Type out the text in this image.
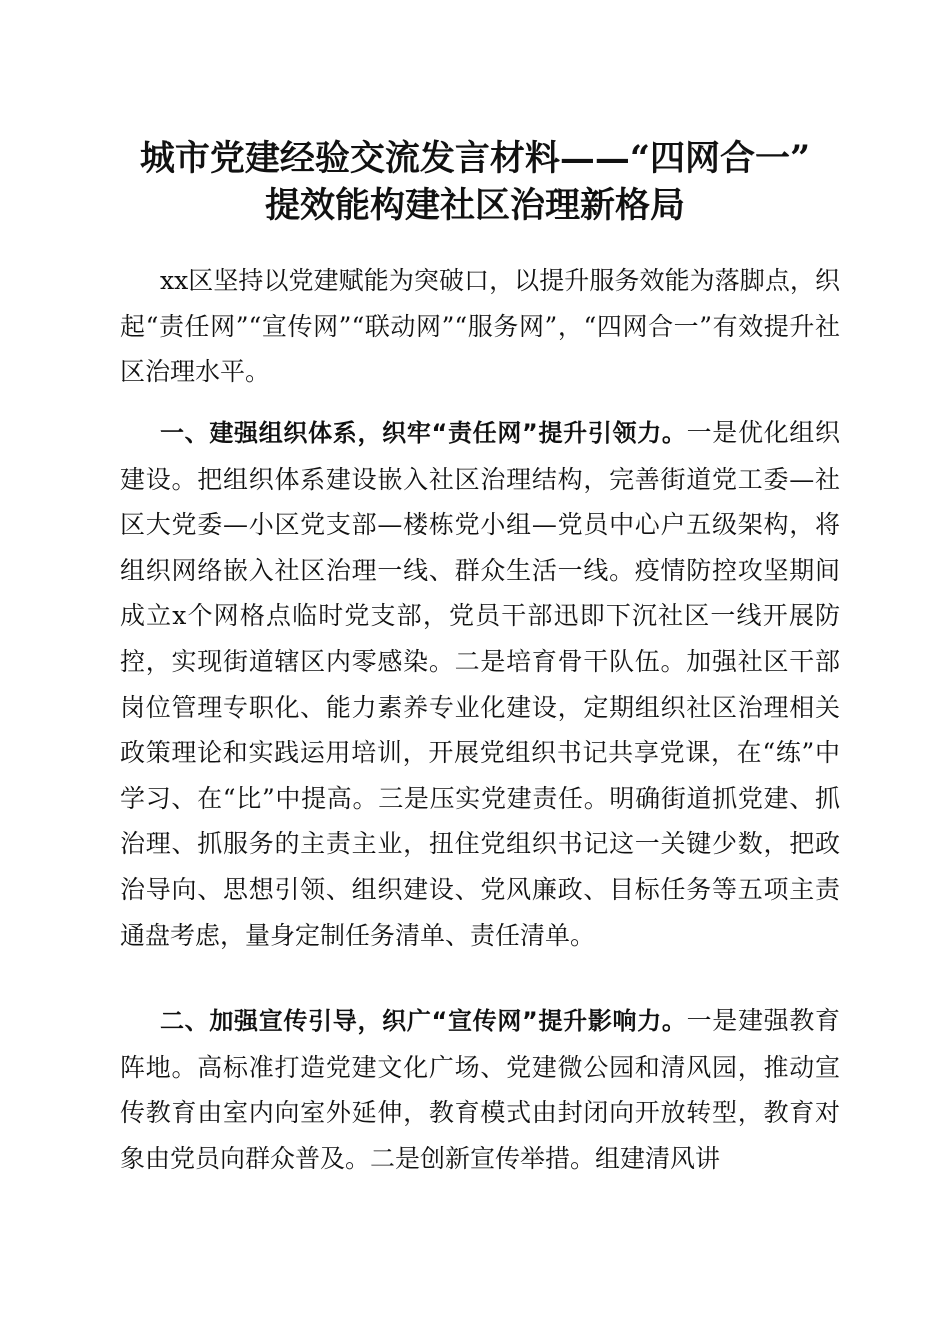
城市党建经验交流发言材料——“四网合一”
提效能构建社区治理新格局

xx区坚持以党建赋能为突破口，以提升服务效能为落脚点，织起“责任网”“宣传网”“联动网”“服务网”，“四网合一”有效提升社区治理水平。

一、建强组织体系，织牢“责任网”提升引领力。一是优化组织建设。把组织体系建设嵌入社区治理结构，完善街道党工委—社区大党委—小区党支部—楼栋党小组—党员中心户五级架构，将组织网络嵌入社区治理一线、群众生活一线。疫情防控攻坚期间成立x个网格点临时党支部，党员干部迅即下沉社区一线开展防控，实现街道辖区内零感染。二是培育骨干队伍。加强社区干部岗位管理专职化、能力素养专业化建设，定期组织社区治理相关政策理论和实践运用培训，开展党组织书记共享党课，在“练”中学习、在“比”中提高。三是压实党建责任。明确街道抓党建、抓治理、抓服务的主责主业，扭住党组织书记这一关键少数，把政治导向、思想引领、组织建设、党风廉政、目标任务等五项主责通盘考虑，量身定制任务清单、责任清单。

二、加强宣传引导，织广“宣传网”提升影响力。一是建强教育阵地。高标准打造党建文化广场、党建微公园和清风园，推动宣传教育由室内向室外延伸，教育模式由封闭向开放转型，教育对象由党员向群众普及。二是创新宣传举措。组建清风讲
